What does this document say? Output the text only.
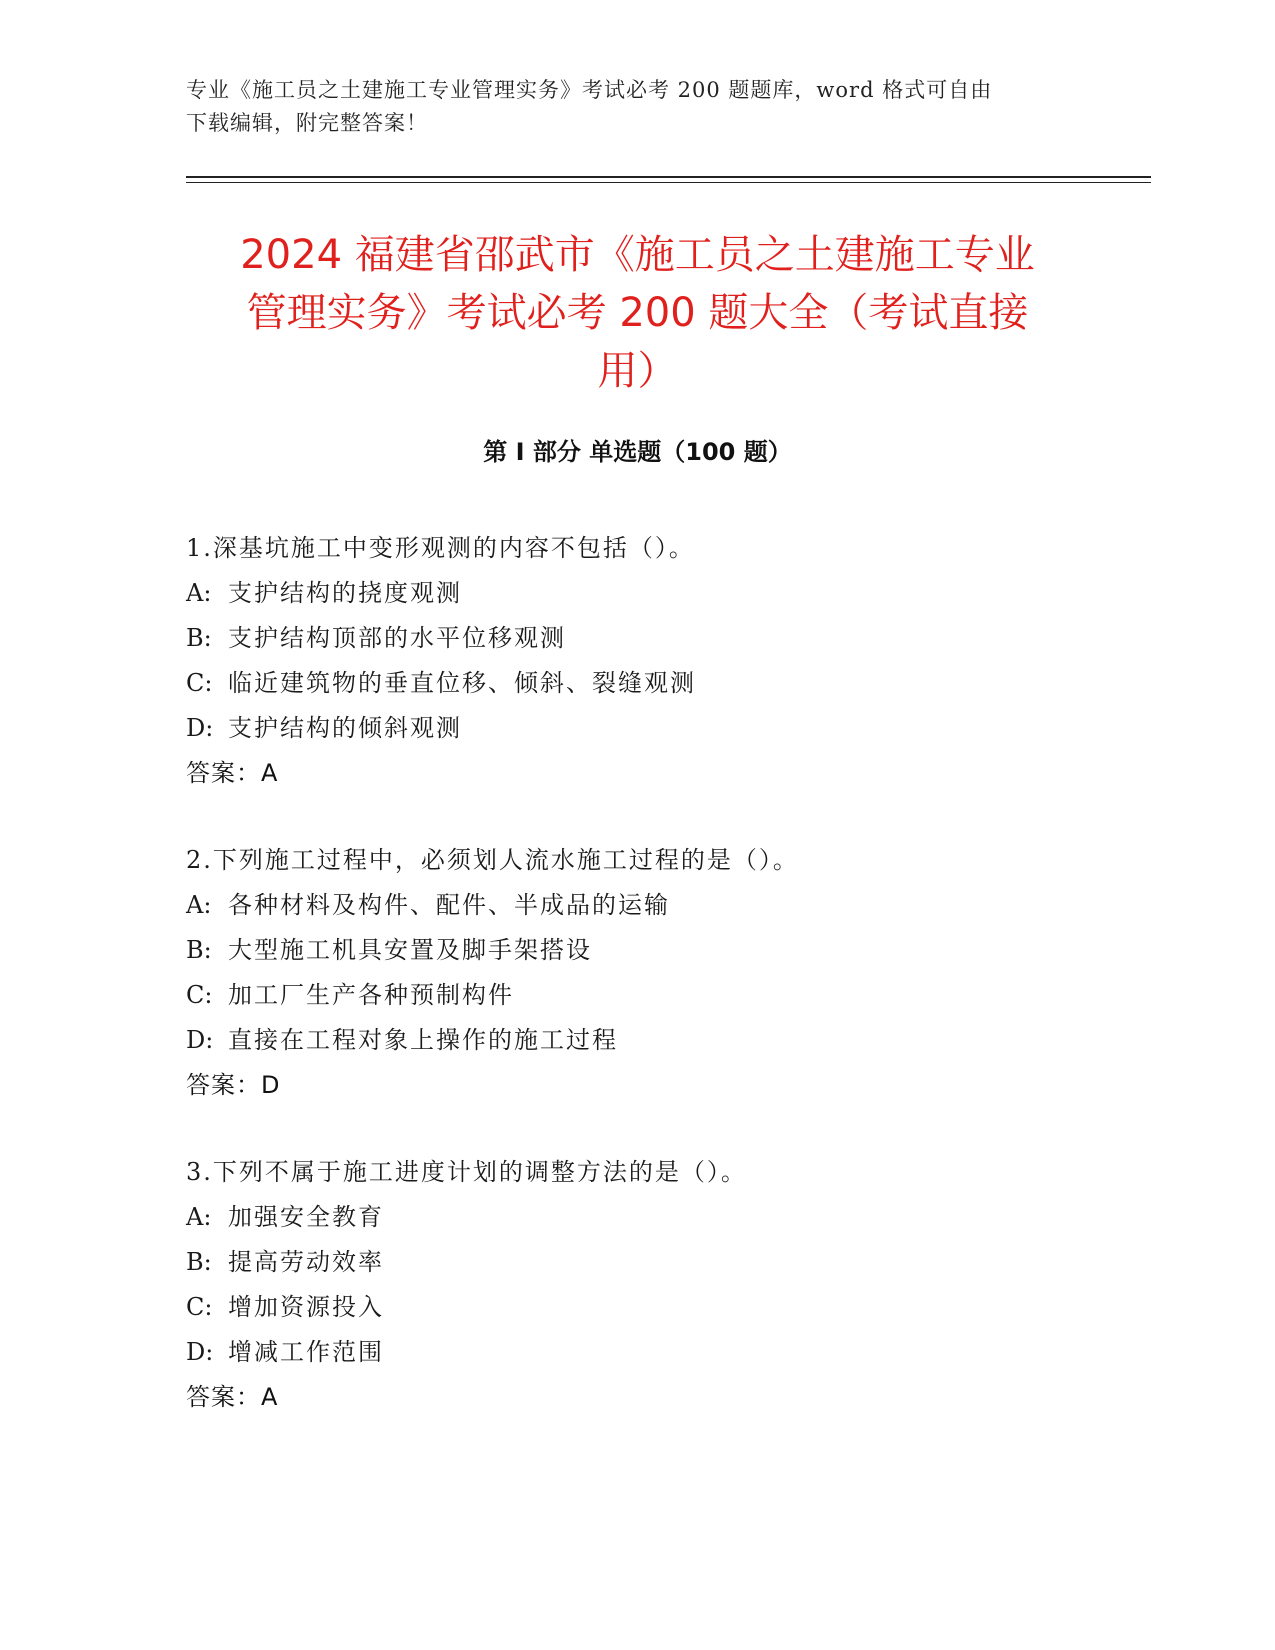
专业《施工员之土建施工专业管理实务》考试必考 200 题题库，word 格式可自由
下载编辑，附完整答案！
2024 福建省邵武市《施工员之土建施工专业
管理实务》考试必考 200 题大全（考试直接
用）
第 I 部分 单选题（100 题）
1.深基坑施工中变形观测的内容不包括（）。
A: 支护结构的挠度观测
B: 支护结构顶部的水平位移观测
C: 临近建筑物的垂直位移、倾斜、裂缝观测
D: 支护结构的倾斜观测
答案：A
2.下列施工过程中，必须划人流水施工过程的是（）。
A: 各种材料及构件、配件、半成品的运输
B: 大型施工机具安置及脚手架搭设
C: 加工厂生产各种预制构件
D: 直接在工程对象上操作的施工过程
答案：D
3.下列不属于施工进度计划的调整方法的是（）。
A: 加强安全教育
B: 提高劳动效率
C: 增加资源投入
D: 增减工作范围
答案：A
